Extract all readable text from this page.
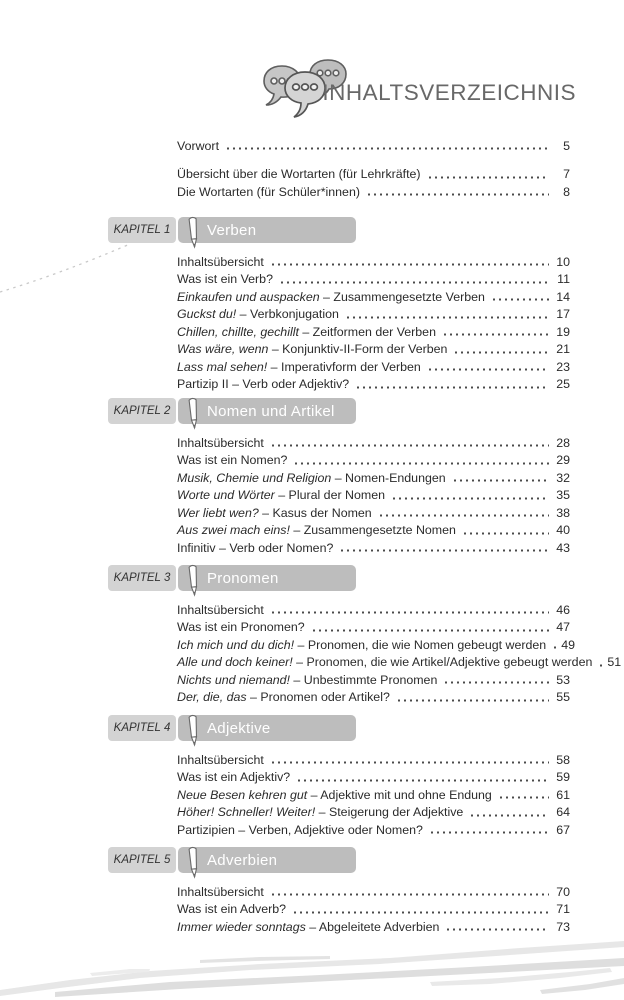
INHALTSVERZEICHNIS
Vorwort	5
Übersicht über die Wortarten (für Lehrkräfte)	7
Die Wortarten (für Schüler*innen)	8
KAPITEL 1	Verben
Inhaltsübersicht	10
Was ist ein Verb?	11
Einkaufen und auspacken – Zusammengesetzte Verben	14
Guckst du! – Verbkonjugation	17
Chillen, chillte, gechillt – Zeitformen der Verben	19
Was wäre, wenn – Konjunktiv-II-Form der Verben	21
Lass mal sehen! – Imperativform der Verben	23
Partizip II – Verb oder Adjektiv?	25
KAPITEL 2	Nomen und Artikel
Inhaltsübersicht	28
Was ist ein Nomen?	29
Musik, Chemie und Religion – Nomen-Endungen	32
Worte und Wörter – Plural der Nomen	35
Wer liebt wen? – Kasus der Nomen	38
Aus zwei mach eins! – Zusammengesetzte Nomen	40
Infinitiv – Verb oder Nomen?	43
KAPITEL 3	Pronomen
Inhaltsübersicht	46
Was ist ein Pronomen?	47
Ich mich und du dich! – Pronomen, die wie Nomen gebeugt werden 49
Alle und doch keiner! – Pronomen, die wie Artikel/Adjektive gebeugt werden 51
Nichts und niemand! – Unbestimmte Pronomen	53
Der, die, das – Pronomen oder Artikel?	55
KAPITEL 4	Adjektive
Inhaltsübersicht	58
Was ist ein Adjektiv?	59
Neue Besen kehren gut – Adjektive mit und ohne Endung	61
Höher! Schneller! Weiter! – Steigerung der Adjektive	64
Partizipien – Verben, Adjektive oder Nomen?	67
KAPITEL 5	Adverbien
Inhaltsübersicht	70
Was ist ein Adverb?	71
Immer wieder sonntags – Abgeleitete Adverbien	73
